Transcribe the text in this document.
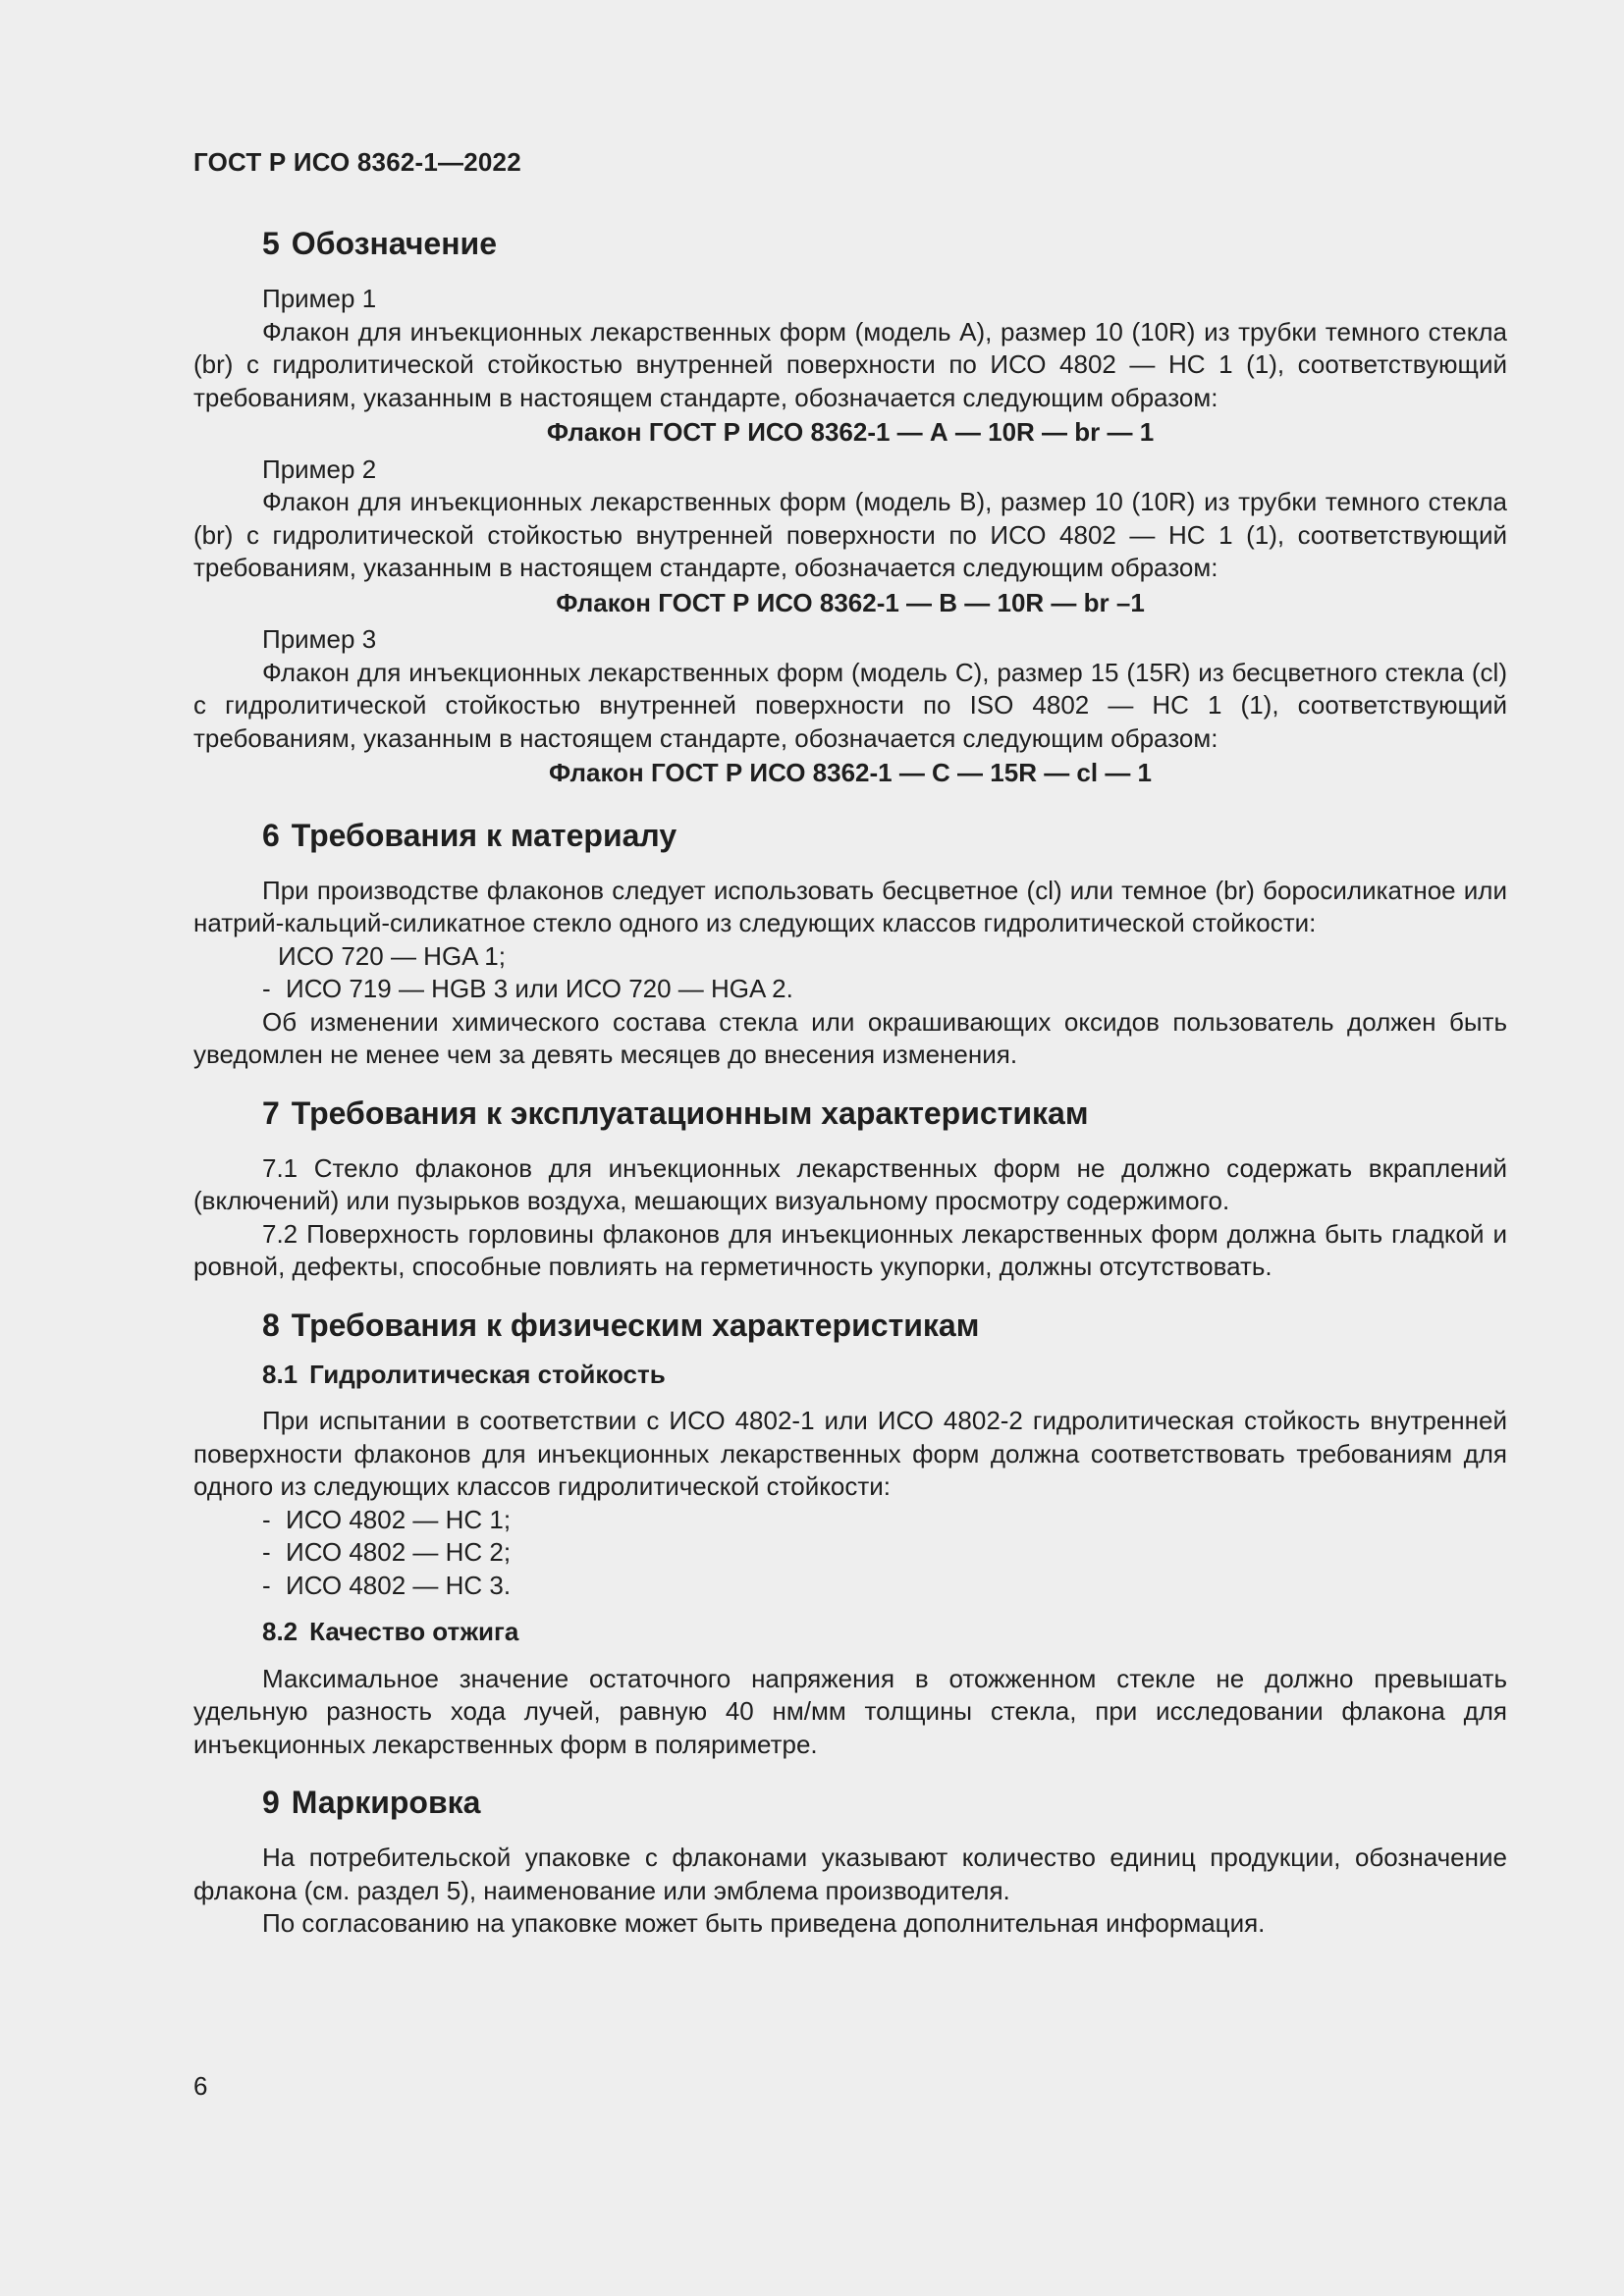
ГОСТ Р ИСО 8362-1—2022
5 Обозначение

Пример 1

Флакон для инъекционных лекарственных форм (модель А), размер 10 (10R) из трубки темного стекла (br) с гидролитической стойкостью внутренней поверхности по ИСО 4802 — HC 1 (1), соответствующий требованиям, указанным в настоящем стандарте, обозначается следующим образом:

Флакон ГОСТ Р ИСО 8362-1 — А — 10R — br — 1

Пример 2

Флакон для инъекционных лекарственных форм (модель В), размер 10 (10R) из трубки темного стекла (br) с гидролитической стойкостью внутренней поверхности по ИСО 4802 — HC 1 (1), соответствующий требованиям, указанным в настоящем стандарте, обозначается следующим образом:

Флакон ГОСТ Р ИСО 8362-1 — В — 10R — br –1

Пример 3

Флакон для инъекционных лекарственных форм (модель С), размер 15 (15R) из бесцветного стекла (cl) с гидролитической стойкостью внутренней поверхности по ISO 4802 — HC 1 (1), соответствующий требованиям, указанным в настоящем стандарте, обозначается следующим образом:

Флакон ГОСТ Р ИСО 8362-1 — С — 15R — cl — 1
6 Требования к материалу

При производстве флаконов следует использовать бесцветное (cl) или темное (br) боросиликатное или натрий-кальций-силикатное стекло одного из следующих классов гидролитической стойкости:

ИСО 720 — HGA 1;
- ИСО 719 — HGB 3 или ИСО 720 — HGA 2.

Об изменении химического состава стекла или окрашивающих оксидов пользователь должен быть уведомлен не менее чем за девять месяцев до внесения изменения.

7 Требования к эксплуатационным характеристикам

7.1 Стекло флаконов для инъекционных лекарственных форм не должно содержать вкраплений (включений) или пузырьков воздуха, мешающих визуальному просмотру содержимого.

7.2 Поверхность горловины флаконов для инъекционных лекарственных форм должна быть гладкой и ровной, дефекты, способные повлиять на герметичность укупорки, должны отсутствовать.

8 Требования к физическим характеристикам
8.1 Гидролитическая стойкость

При испытании в соответствии с ИСО 4802-1 или ИСО 4802-2 гидролитическая стойкость внутренней поверхности флаконов для инъекционных лекарственных форм должна соответствовать требованиям для одного из следующих классов гидролитической стойкости:

- ИСО 4802 — HC 1;
- ИСО 4802 — HC 2;
- ИСО 4802 — HC 3.
8.2 Качество отжига

Максимальное значение остаточного напряжения в отожженном стекле не должно превышать удельную разность хода лучей, равную 40 нм/мм толщины стекла, при исследовании флакона для инъекционных лекарственных форм в поляриметре.

9 Маркировка

На потребительской упаковке с флаконами указывают количество единиц продукции, обозначение флакона (см. раздел 5), наименование или эмблема производителя.

По согласованию на упаковке может быть приведена дополнительная информация.

6
